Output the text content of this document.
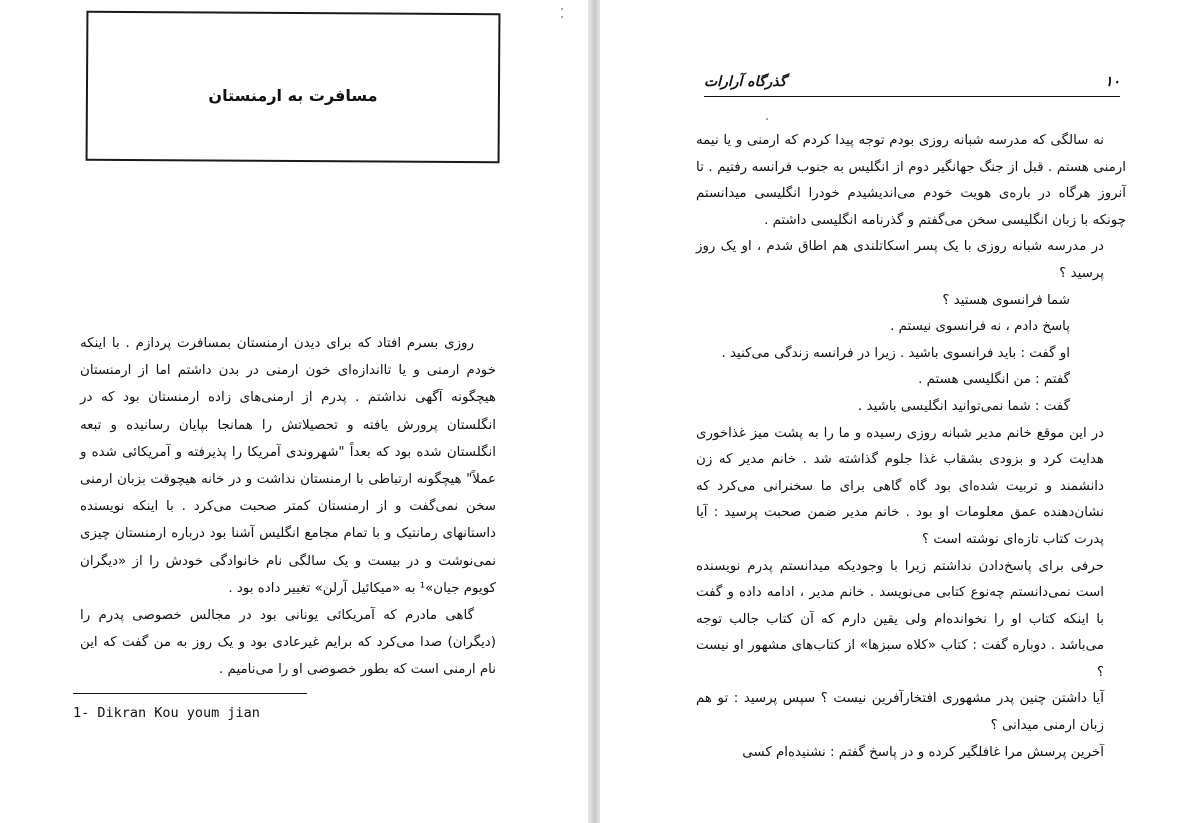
مسافرت به ارمنستان

روزی بسرم افتاد که برای دیدن ارمنستان بمسافرت پردازم . با اینکه خودم ارمنی و یا تااندازه‌ای خون ارمنی در بدن داشتم اما از ارمنستان هیچگونه آگهی نداشتم . پدرم از ارمنی‌های زاده ارمنستان بود که در انگلستان پرورش یافته و تحصیلاتش را همانجا بپایان رسانیده و تبعه انگلستان شده بود که بعداً "شهروندی آمریکا را پذیرفته و آمریکائی شده و عملاً" هیچگونه ارتباطی با ارمنستان نداشت و در خانه هیچوقت بزبان ارمنی سخن نمی‌گفت و از ارمنستان کمتر صحبت می‌کرد . با اینکه نویسنده داستانهای رمانتیک و با تمام مجامع انگلیس آشنا بود درباره ارمنستان چیزی نمی‌نوشت و در بیست و یک سالگی نام خانوادگی خودش را از «دیگران کویوم جیان»¹ به «میکائیل آرلن» تغییر داده بود .

گاهی مادرم که آمریکائی یونانی بود در مجالس خصوصی پدرم را (دیگران) صدا می‌کرد که برایم غیرعادی بود و یک روز به من گفت که این نام ارمنی است که بطور خصوصی او را می‌نامیم .

1- Dikran Kou youm jian
گذرگاه آرارات	۱۰

نه سالگی که مدرسه شبانه روزی بودم توجه پیدا کردم که ارمنی و یا نیمه ارمنی هستم . قبل از جنگ جهانگیر دوم از انگلیس به جنوب فرانسه رفتیم . تا آنروز هرگاه در باره‌ی هویت خودم می‌اندیشیدم خودرا انگلیسی میدانستم چونکه با زبان انگلیسی سخن می‌گفتم و گذرنامه انگلیسی داشتم .

در مدرسه شبانه روزی با یک پسر اسکاتلندی هم اطاق شدم ، او یک روز پرسید ؟

شما فرانسوی هستید ؟

پاسخ دادم ، نه فرانسوی نیستم .

او گفت : باید فرانسوی باشید . زیرا در فرانسه زندگی می‌کنید .

گفتم : من انگلیسی هستم .

گفت : شما نمی‌توانید انگلیسی باشید .

در این موقع خانم مدیر شبانه روزی رسیده و ما را به پشت میز غذاخوری هدایت کرد و بزودی بشقاب غذا جلوم گذاشته شد . خانم مدیر که زن دانشمند و تربیت شده‌ای بود گاه گاهی برای ما سخنرانی می‌کرد که نشان‌دهنده عمق معلومات او بود . خانم مدیر ضمن صحبت پرسید : آیا پدرت کتاب تازه‌ای نوشته است ؟

حرفی برای پاسخ‌دادن نداشتم زیرا با وجودیکه میدانستم پدرم نویسنده است نمی‌دانستم چه‌نوع کتابی می‌نویسد . خانم مدیر ، ادامه داده و گفت با اینکه کتاب او را نخوانده‌ام ولی یقین دارم که آن کتاب جالب توجه می‌باشد . دوباره گفت : کتاب «کلاه سبزها» از کتاب‌های مشهور او نیست ؟

آیا داشتن چنین پدر مشهوری افتخارآفرین نیست ؟ سپس پرسید : تو هم زبان ارمنی میدانی ؟

آخرین پرسش مرا غافلگیر کرده و در پاسخ گفتم : نشنیده‌ام کسی
